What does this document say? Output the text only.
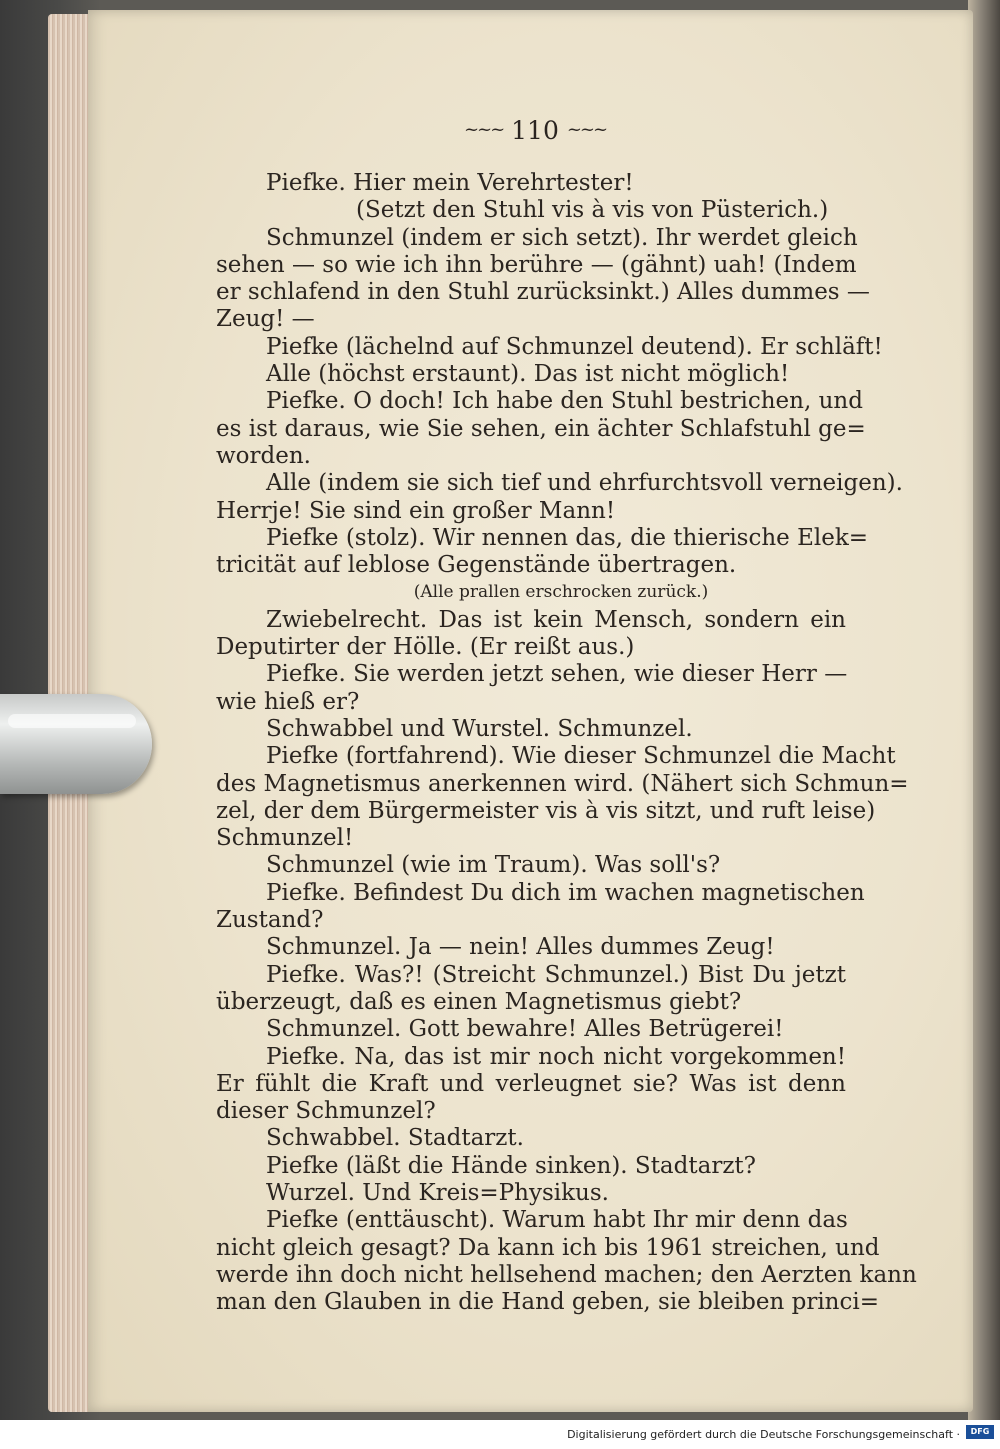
~~~ 110 ~~~
Piefke. Hier mein Verehrtester!
(Setzt den Stuhl vis à vis von Püsterich.)
Schmunzel (indem er sich setzt). Ihr werdet gleich
sehen — so wie ich ihn berühre — (gähnt) uah! (Indem
er schlafend in den Stuhl zurücksinkt.) Alles dummes —
Zeug! —
Piefke (lächelnd auf Schmunzel deutend). Er schläft!
Alle (höchst erstaunt). Das ist nicht möglich!
Piefke. O doch! Ich habe den Stuhl bestrichen, und
es ist daraus, wie Sie sehen, ein ächter Schlafstuhl ge=
worden.
Alle (indem sie sich tief und ehrfurchtsvoll verneigen).
Herrje! Sie sind ein großer Mann!
Piefke (stolz). Wir nennen das, die thierische Elek=
tricität auf leblose Gegenstände übertragen.
(Alle prallen erschrocken zurück.)
Zwiebelrecht. Das ist kein Mensch, sondern ein
Deputirter der Hölle. (Er reißt aus.)
Piefke. Sie werden jetzt sehen, wie dieser Herr —
wie hieß er?
Schwabbel und Wurstel. Schmunzel.
Piefke (fortfahrend). Wie dieser Schmunzel die Macht
des Magnetismus anerkennen wird. (Nähert sich Schmun=
zel, der dem Bürgermeister vis à vis sitzt, und ruft leise)
Schmunzel!
Schmunzel (wie im Traum). Was soll's?
Piefke. Befindest Du dich im wachen magnetischen
Zustand?
Schmunzel. Ja — nein! Alles dummes Zeug!
Piefke. Was?! (Streicht Schmunzel.) Bist Du jetzt
überzeugt, daß es einen Magnetismus giebt?
Schmunzel. Gott bewahre! Alles Betrügerei!
Piefke. Na, das ist mir noch nicht vorgekommen!
Er fühlt die Kraft und verleugnet sie? Was ist denn
dieser Schmunzel?
Schwabbel. Stadtarzt.
Piefke (läßt die Hände sinken). Stadtarzt?
Wurzel. Und Kreis=Physikus.
Piefke (enttäuscht). Warum habt Ihr mir denn das
nicht gleich gesagt? Da kann ich bis 1961 streichen, und
werde ihn doch nicht hellsehend machen; den Aerzten kann
man den Glauben in die Hand geben, sie bleiben princi=
Digitalisierung gefördert durch die Deutsche Forschungsgemeinschaft ·	DFG
